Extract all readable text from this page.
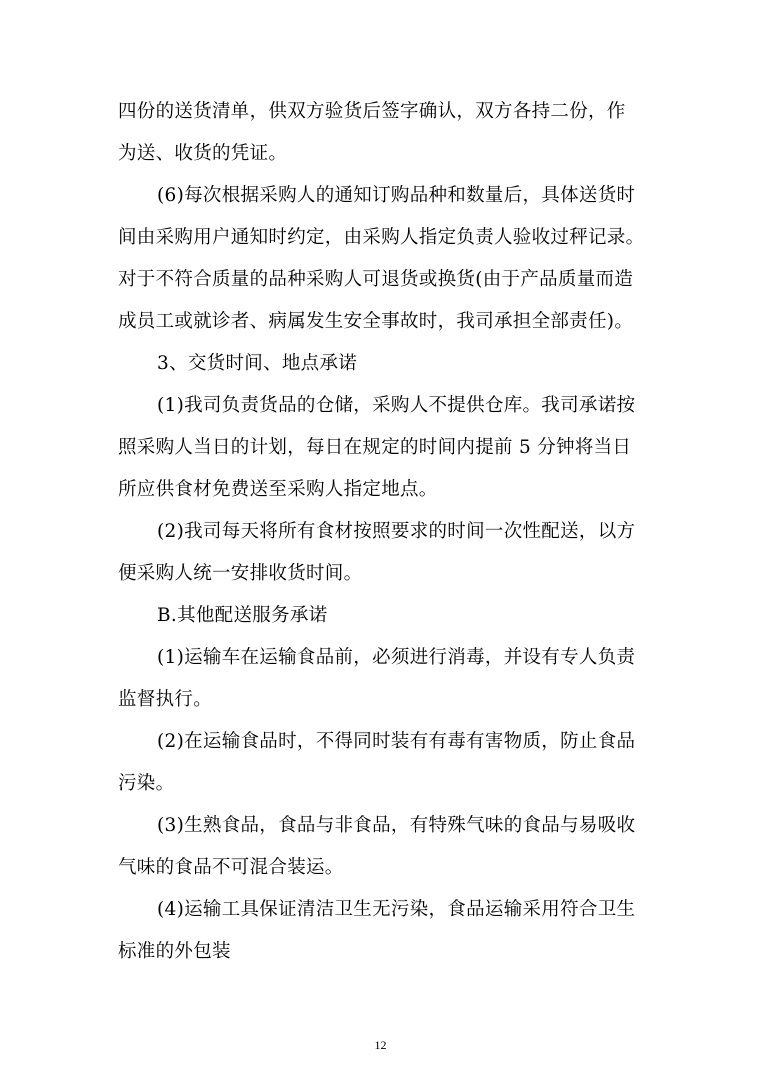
四份的送货清单，供双方验货后签字确认，双方各持二份，作
为送、收货的凭证。
(6)每次根据采购人的通知订购品种和数量后，具体送货时
间由采购用户通知时约定，由采购人指定负责人验收过秤记录。
对于不符合质量的品种采购人可退货或换货(由于产品质量而造
成员工或就诊者、病属发生安全事故时，我司承担全部责任)。
3、交货时间、地点承诺
(1)我司负责货品的仓储，采购人不提供仓库。我司承诺按
照采购人当日的计划，每日在规定的时间内提前 5 分钟将当日
所应供食材免费送至采购人指定地点。
(2)我司每天将所有食材按照要求的时间一次性配送，以方
便采购人统一安排收货时间。
B.其他配送服务承诺
(1)运输车在运输食品前，必须进行消毒，并设有专人负责
监督执行。
(2)在运输食品时，不得同时装有有毒有害物质，防止食品
污染。
(3)生熟食品，食品与非食品，有特殊气味的食品与易吸收
气味的食品不可混合装运。
(4)运输工具保证清洁卫生无污染，食品运输采用符合卫生
标准的外包装
12
